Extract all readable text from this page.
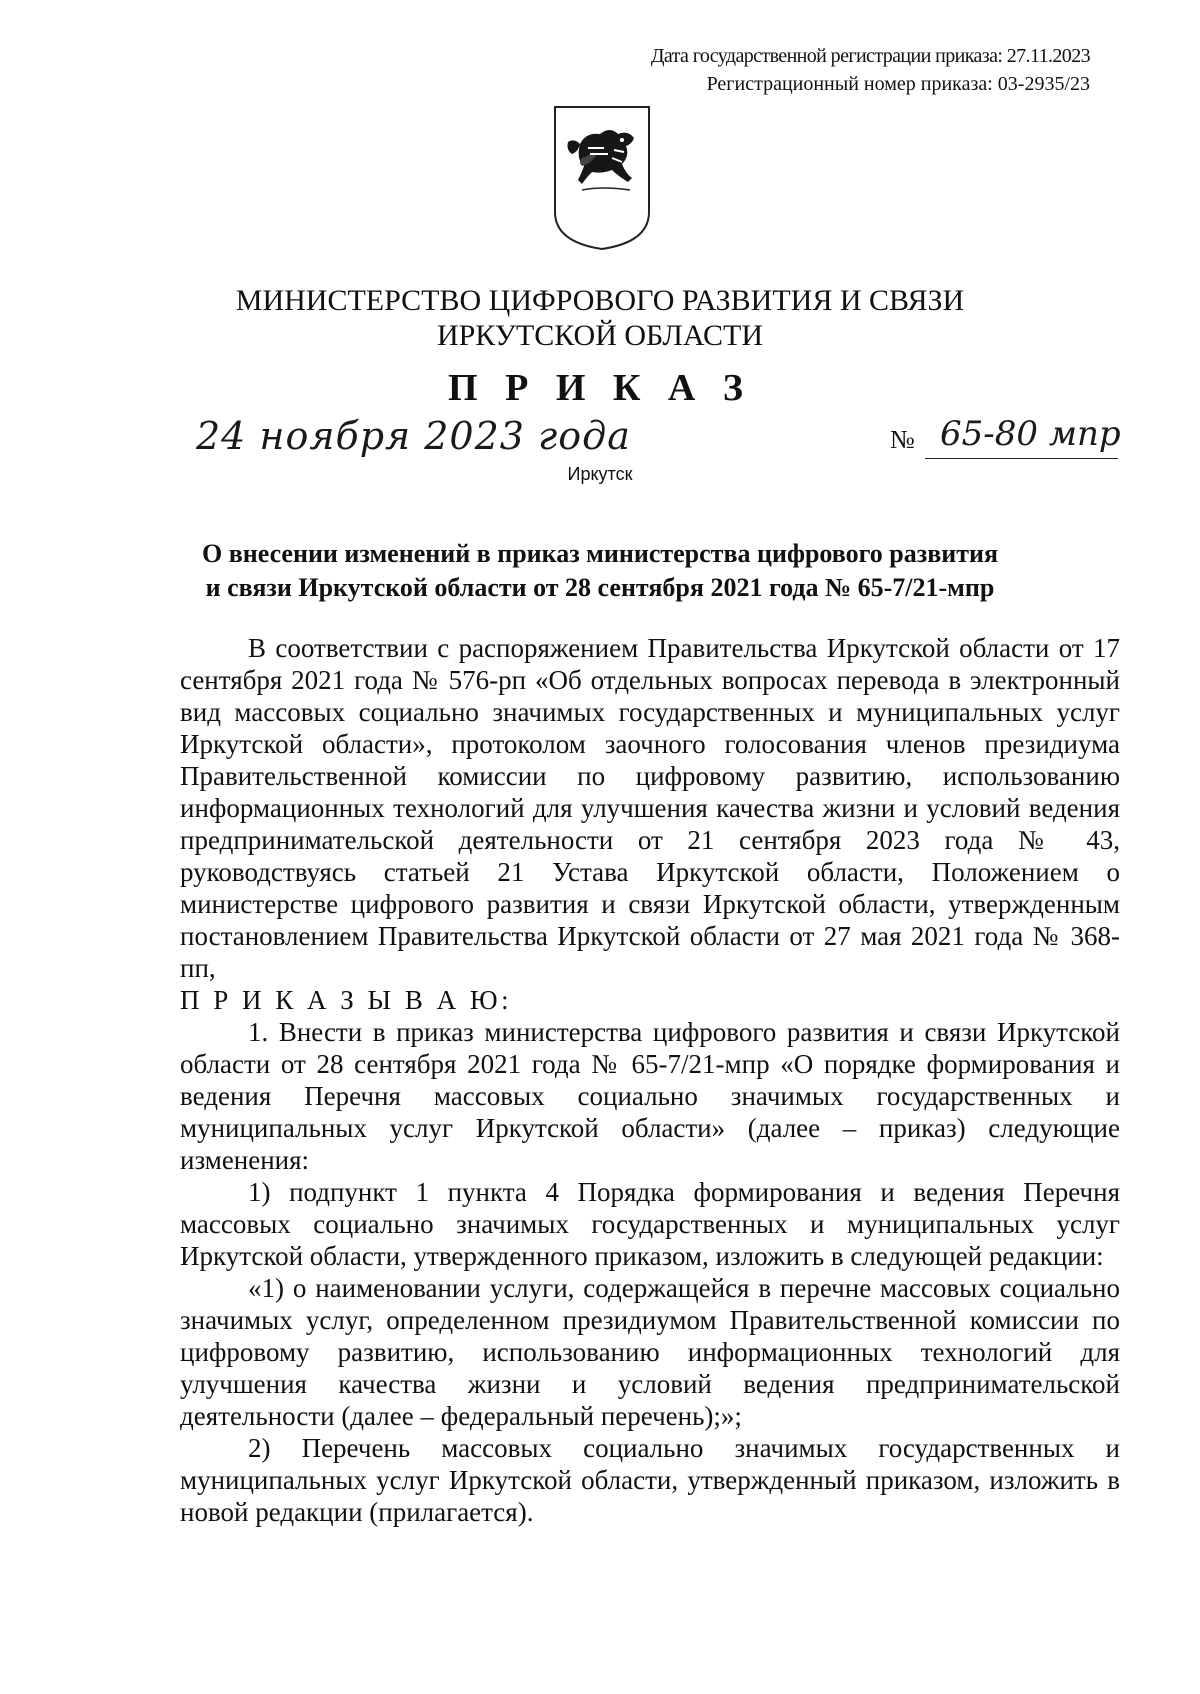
Дата государственной регистрации приказа: 27.11.2023
Регистрационный номер приказа: 03-2935/23
МИНИСТЕРСТВО ЦИФРОВОГО РАЗВИТИЯ И СВЯЗИ
ИРКУТСКОЙ ОБЛАСТИ
П Р И К А З
24 ноября 2023 года	№ 65-80 мпр
Иркутск
О внесении изменений в приказ министерства цифрового развития
и связи Иркутской области от 28 сентября 2021 года № 65-7/21-мпр

В соответствии с распоряжением Правительства Иркутской области от 17 сентября 2021 года № 576-рп «Об отдельных вопросах перевода в электронный вид массовых социально значимых государственных и муниципальных услуг Иркутской области», протоколом заочного голосования членов президиума Правительственной комиссии по цифровому развитию, использованию информационных технологий для улучшения качества жизни и условий ведения предпринимательской деятельности от 21 сентября 2023 года № 43, руководствуясь статьей 21 Устава Иркутской области, Положением о министерстве цифрового развития и связи Иркутской области, утвержденным постановлением Правительства Иркутской области от 27 мая 2021 года № 368-пп,

П Р И К А З Ы В А Ю:

1. Внести в приказ министерства цифрового развития и связи Иркутской области от 28 сентября 2021 года № 65-7/21-мпр «О порядке формирования и ведения Перечня массовых социально значимых государственных и муниципальных услуг Иркутской области» (далее – приказ) следующие изменения:

1) подпункт 1 пункта 4 Порядка формирования и ведения Перечня массовых социально значимых государственных и муниципальных услуг Иркутской области, утвержденного приказом, изложить в следующей редакции:

«1) о наименовании услуги, содержащейся в перечне массовых социально значимых услуг, определенном президиумом Правительственной комиссии по цифровому развитию, использованию информационных технологий для улучшения качества жизни и условий ведения предпринимательской деятельности (далее – федеральный перечень);»;

2) Перечень массовых социально значимых государственных и муниципальных услуг Иркутской области, утвержденный приказом, изложить в новой редакции (прилагается).
